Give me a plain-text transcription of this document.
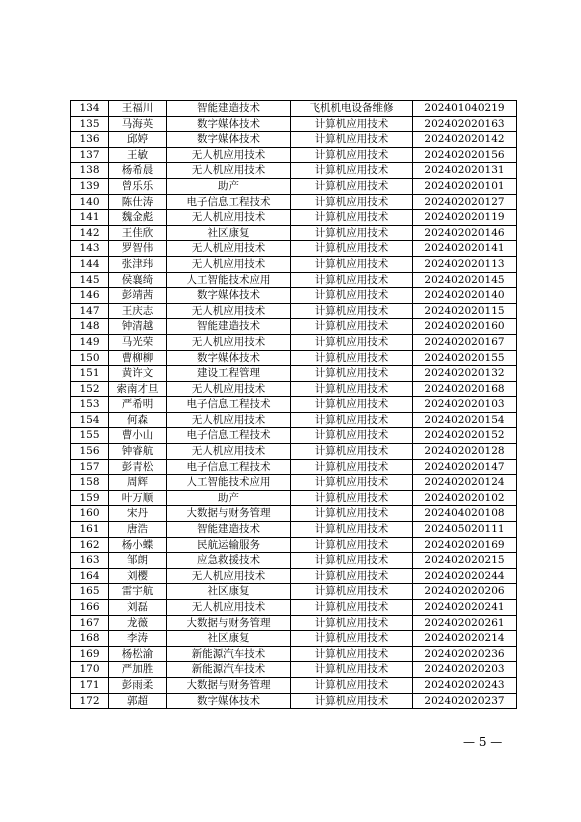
134	王福川	智能建造技术	飞机机电设备维修	202401040219
135	马海英	数字媒体技术	计算机应用技术	202402020163
136	邱婷	数字媒体技术	计算机应用技术	202402020142
137	王敏	无人机应用技术	计算机应用技术	202402020156
138	杨希晨	无人机应用技术	计算机应用技术	202402020131
139	曾乐乐	助产	计算机应用技术	202402020101
140	陈仕涛	电子信息工程技术	计算机应用技术	202402020127
141	魏金彪	无人机应用技术	计算机应用技术	202402020119
142	王佳欣	社区康复	计算机应用技术	202402020146
143	罗智伟	无人机应用技术	计算机应用技术	202402020141
144	张津玮	无人机应用技术	计算机应用技术	202402020113
145	侯襄绮	人工智能技术应用	计算机应用技术	202402020145
146	彭靖茜	数字媒体技术	计算机应用技术	202402020140
147	王庆志	无人机应用技术	计算机应用技术	202402020115
148	钟清越	智能建造技术	计算机应用技术	202402020160
149	马光荣	无人机应用技术	计算机应用技术	202402020167
150	曹柳柳	数字媒体技术	计算机应用技术	202402020155
151	黄许文	建设工程管理	计算机应用技术	202402020132
152	索南才旦	无人机应用技术	计算机应用技术	202402020168
153	严希明	电子信息工程技术	计算机应用技术	202402020103
154	何森	无人机应用技术	计算机应用技术	202402020154
155	曹小山	电子信息工程技术	计算机应用技术	202402020152
156	钟睿航	无人机应用技术	计算机应用技术	202402020128
157	彭青松	电子信息工程技术	计算机应用技术	202402020147
158	周辉	人工智能技术应用	计算机应用技术	202402020124
159	叶万顺	助产	计算机应用技术	202402020102
160	宋丹	大数据与财务管理	计算机应用技术	202404020108
161	唐浩	智能建造技术	计算机应用技术	202405020111
162	杨小蝶	民航运输服务	计算机应用技术	202402020169
163	邹朗	应急救援技术	计算机应用技术	202402020215
164	刘樱	无人机应用技术	计算机应用技术	202402020244
165	雷宇航	社区康复	计算机应用技术	202402020206
166	刘磊	无人机应用技术	计算机应用技术	202402020241
167	龙薇	大数据与财务管理	计算机应用技术	202402020261
168	李涛	社区康复	计算机应用技术	202402020214
169	杨松渝	新能源汽车技术	计算机应用技术	202402020236
170	严加胜	新能源汽车技术	计算机应用技术	202402020203
171	彭雨柔	大数据与财务管理	计算机应用技术	202402020243
172	郭超	数字媒体技术	计算机应用技术	202402020237
— 5 —
